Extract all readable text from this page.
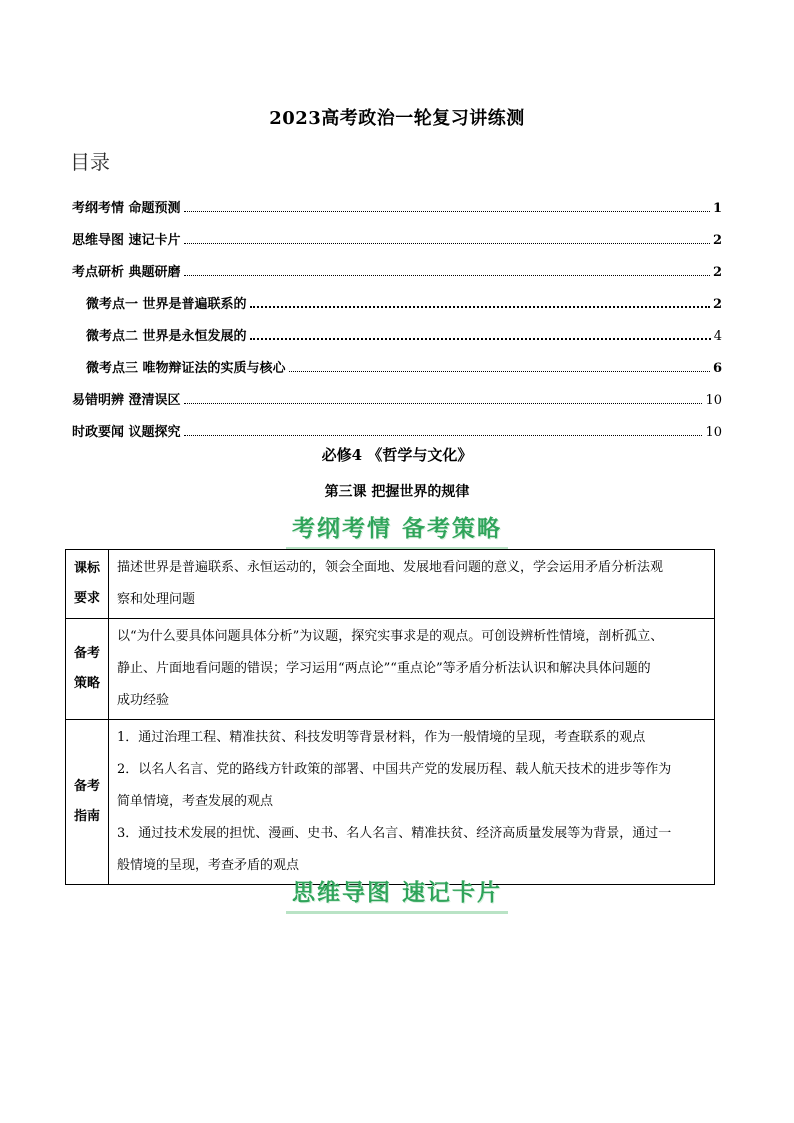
2023高考政治一轮复习讲练测
目录
考纲考情 命题预测	1
思维导图 速记卡片	2
考点研析 典题研磨	2
微考点一 世界是普遍联系的	2
微考点二 世界是永恒发展的	4
微考点三 唯物辩证法的实质与核心	6
易错明辨 澄清误区	10
时政要闻 议题探究	10
必修4 《哲学与文化》
第三课 把握世界的规律
考纲考情 备考策略
课标
要求	描述世界是普遍联系、永恒运动的，领会全面地、发展地看问题的意义，学会运用矛盾分析法观
察和处理问题

备考
策略	以“为什么要具体问题具体分析”为议题，探究实事求是的观点。可创设辨析性情境，剖析孤立、
静止、片面地看问题的错误；学习运用“两点论”“重点论”等矛盾分析法认识和解决具体问题的
成功经验

备考
指南	1．通过治理工程、精准扶贫、科技发明等背景材料，作为一般情境的呈现，考查联系的观点
2．以名人名言、党的路线方针政策的部署、中国共产党的发展历程、载人航天技术的进步等作为
简单情境，考查发展的观点
3．通过技术发展的担忧、漫画、史书、名人名言、精准扶贫、经济高质量发展等为背景，通过一
般情境的呈现，考查矛盾的观点
思维导图 速记卡片
